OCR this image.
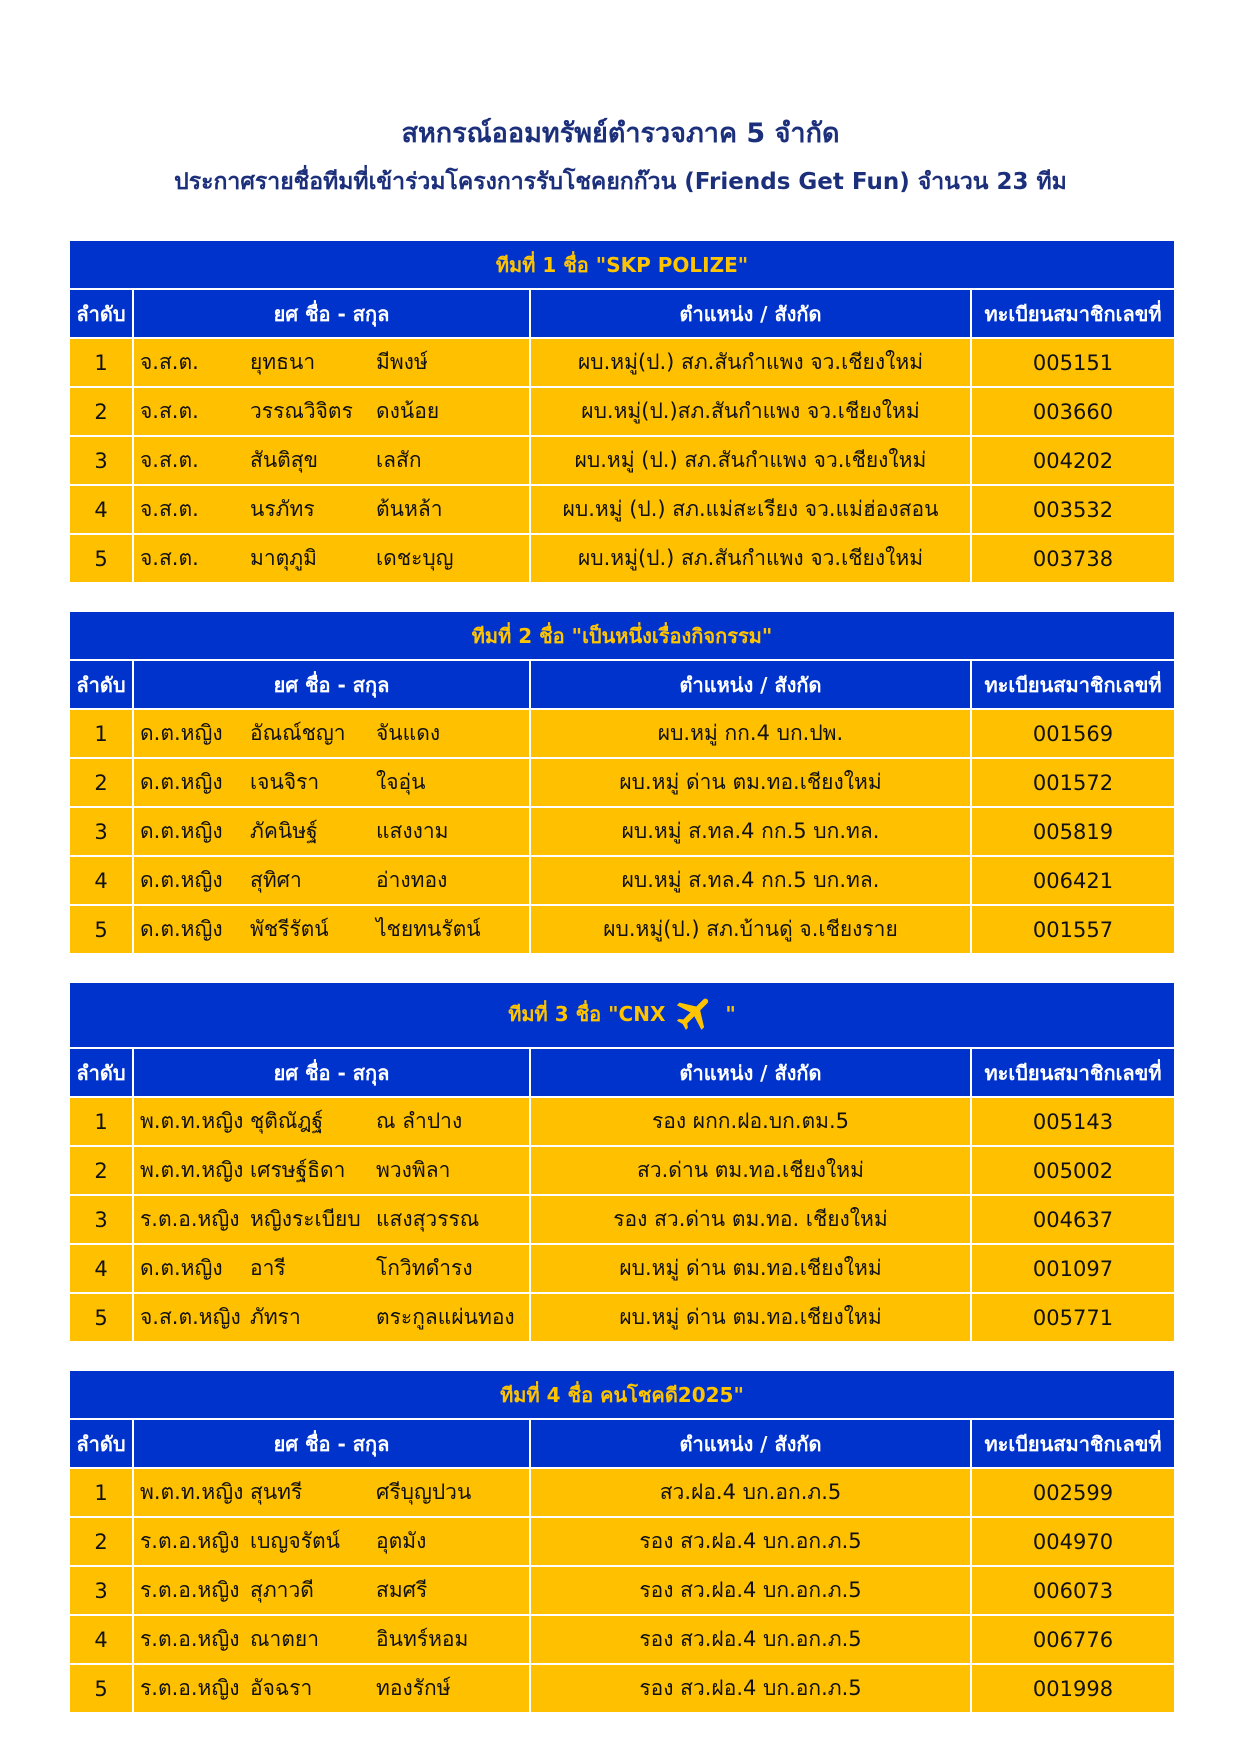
สหกรณ์ออมทรัพย์ตำรวจภาค 5 จำกัด
ประกาศรายชื่อทีมที่เข้าร่วมโครงการรับโชคยกก๊วน (Friends Get Fun) จำนวน 23 ทีม
ทีมที่ 1 ชื่อ "SKP POLIZE"			
ลำดับ	ยศ ชื่อ - สกุล	ตำแหน่ง / สังกัด	ทะเบียนสมาชิกเลขที่
1	จ.ส.ต. ยุทธนา มีพงษ์	ผบ.หมู่(ป.) สภ.สันกำแพง จว.เชียงใหม่	005151
2	จ.ส.ต. วรรณวิจิตร ดงน้อย	ผบ.หมู่(ป.)สภ.สันกำแพง จว.เชียงใหม่	003660
3	จ.ส.ต. สันติสุข เลสัก	ผบ.หมู่ (ป.) สภ.สันกำแพง จว.เชียงใหม่	004202
4	จ.ส.ต. นรภัทร ต้นหล้า	ผบ.หมู่ (ป.) สภ.แม่สะเรียง จว.แม่ฮ่องสอน	003532
5	จ.ส.ต. มาตุภูมิ เดชะบุญ	ผบ.หมู่(ป.) สภ.สันกำแพง จว.เชียงใหม่	003738
ทีมที่ 2 ชื่อ "เป็นหนึ่งเรื่องกิจกรรม"			
ลำดับ	ยศ ชื่อ - สกุล	ตำแหน่ง / สังกัด	ทะเบียนสมาชิกเลขที่
1	ด.ต.หญิง อัณณ์ชญา จันแดง	ผบ.หมู่ กก.4 บก.ปพ.	001569
2	ด.ต.หญิง เจนจิรา ใจอุ่น	ผบ.หมู่ ด่าน ตม.ทอ.เชียงใหม่	001572
3	ด.ต.หญิง ภัคนิษฐ์ แสงงาม	ผบ.หมู่ ส.ทล.4 กก.5 บก.ทล.	005819
4	ด.ต.หญิง สุทิศา อ่างทอง	ผบ.หมู่ ส.ทล.4 กก.5 บก.ทล.	006421
5	ด.ต.หญิง พัชรีรัตน์ ไชยทนรัตน์	ผบ.หมู่(ป.) สภ.บ้านดู่ จ.เชียงราย	001557
ทีมที่ 3 ชื่อ "CNX "			
ลำดับ	ยศ ชื่อ - สกุล	ตำแหน่ง / สังกัด	ทะเบียนสมาชิกเลขที่
1	พ.ต.ท.หญิง ชุติณัฎฐ์ ณ ลำปาง	รอง ผกก.ฝอ.บก.ตม.5	005143
2	พ.ต.ท.หญิง เศรษฐ์ธิดา พวงพิลา	สว.ด่าน ตม.ทอ.เชียงใหม่	005002
3	ร.ต.อ.หญิง หญิงระเบียบ แสงสุวรรณ	รอง สว.ด่าน ตม.ทอ. เชียงใหม่	004637
4	ด.ต.หญิง อารี โกวิทดำรง	ผบ.หมู่ ด่าน ตม.ทอ.เชียงใหม่	001097
5	จ.ส.ต.หญิง ภัทรา ตระกูลแผ่นทอง	ผบ.หมู่ ด่าน ตม.ทอ.เชียงใหม่	005771
ทีมที่ 4 ชื่อ คนโชคดี2025"			
ลำดับ	ยศ ชื่อ - สกุล	ตำแหน่ง / สังกัด	ทะเบียนสมาชิกเลขที่
1	พ.ต.ท.หญิง สุนทรี ศรีบุญปวน	สว.ฝอ.4 บก.อก.ภ.5	002599
2	ร.ต.อ.หญิง เบญจรัตน์ อุตมัง	รอง สว.ฝอ.4 บก.อก.ภ.5	004970
3	ร.ต.อ.หญิง สุภาวดี สมศรี	รอง สว.ฝอ.4 บก.อก.ภ.5	006073
4	ร.ต.อ.หญิง ณาตยา อินทร์หอม	รอง สว.ฝอ.4 บก.อก.ภ.5	006776
5	ร.ต.อ.หญิง อัจฉรา ทองรักษ์	รอง สว.ฝอ.4 บก.อก.ภ.5	001998
